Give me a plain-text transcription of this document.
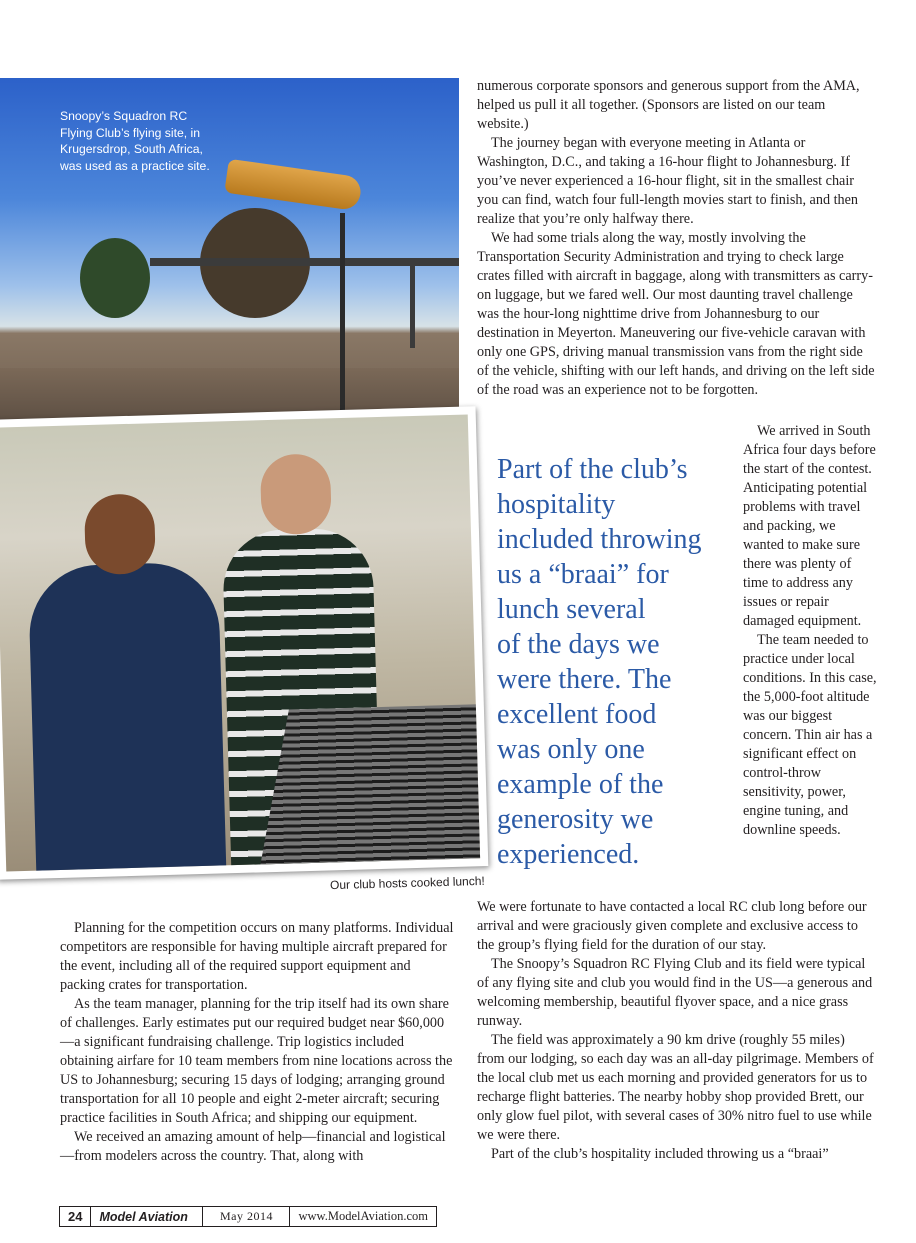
Snoopy’s Squadron RC Flying Club’s flying site, in Krugersdrop, South Africa, was used as a practice site.
Our club hosts cooked lunch!

numerous corporate sponsors and generous support from the AMA, helped us pull it all together. (Sponsors are listed on our team website.)

The journey began with everyone meeting in Atlanta or Washington, D.C., and taking a 16-hour flight to Johannesburg. If you’ve never experienced a 16-hour flight, sit in the smallest chair you can find, watch four full-length movies start to finish, and then realize that you’re only halfway there.

We had some trials along the way, mostly involving the Transportation Security Administration and trying to check large crates filled with aircraft in baggage, along with transmitters as carry-on luggage, but we fared well. Our most daunting travel challenge was the hour-long nighttime drive from Johannesburg to our destination in Meyerton. Maneuvering our five-vehicle caravan with only one GPS, driving manual transmission vans from the right side of the vehicle, shifting with our left hands, and driving on the left side of the road was an experience not to be forgotten.

Part of the club’s
hospitality
included throwing
us a “braai” for
lunch several
of the days we
were there. The
excellent food
was only one
example of the
generosity we
experienced.

We arrived in South Africa four days before the start of the contest. Anticipating potential problems with travel and packing, we wanted to make sure there was plenty of time to address any issues or repair damaged equipment.

The team needed to practice under local conditions. In this case, the 5,000-foot altitude was our biggest concern. Thin air has a significant effect on control-throw sensitivity, power, engine tuning, and downline speeds.

We were fortunate to have contacted a local RC club long before our arrival and were graciously given complete and exclusive access to the group’s flying field for the duration of our stay.

The Snoopy’s Squadron RC Flying Club and its field were typical of any flying site and club you would find in the US—a generous and welcoming membership, beautiful flyover space, and a nice grass runway.

The field was approximately a 90 km drive (roughly 55 miles) from our lodging, so each day was an all-day pilgrimage. Members of the local club met us each morning and provided generators for us to recharge flight batteries. The nearby hobby shop provided Brett, our only glow fuel pilot, with several cases of 30% nitro fuel to use while we were there.

Part of the club’s hospitality included throwing us a “braai”

Planning for the competition occurs on many platforms. Individual competitors are responsible for having multiple aircraft prepared for the event, including all of the required support equipment and packing crates for transportation.

As the team manager, planning for the trip itself had its own share of challenges. Early estimates put our required budget near $60,000—a significant fundraising challenge. Trip logistics included obtaining airfare for 10 team members from nine locations across the US to Johannesburg; securing 15 days of lodging; arranging ground transportation for all 10 people and eight 2-meter aircraft; securing practice facilities in South Africa; and shipping our equipment.

We received an amazing amount of help—financial and logistical—from modelers across the country. That, along with

24	Model Aviation	May 2014	www.ModelAviation.com
